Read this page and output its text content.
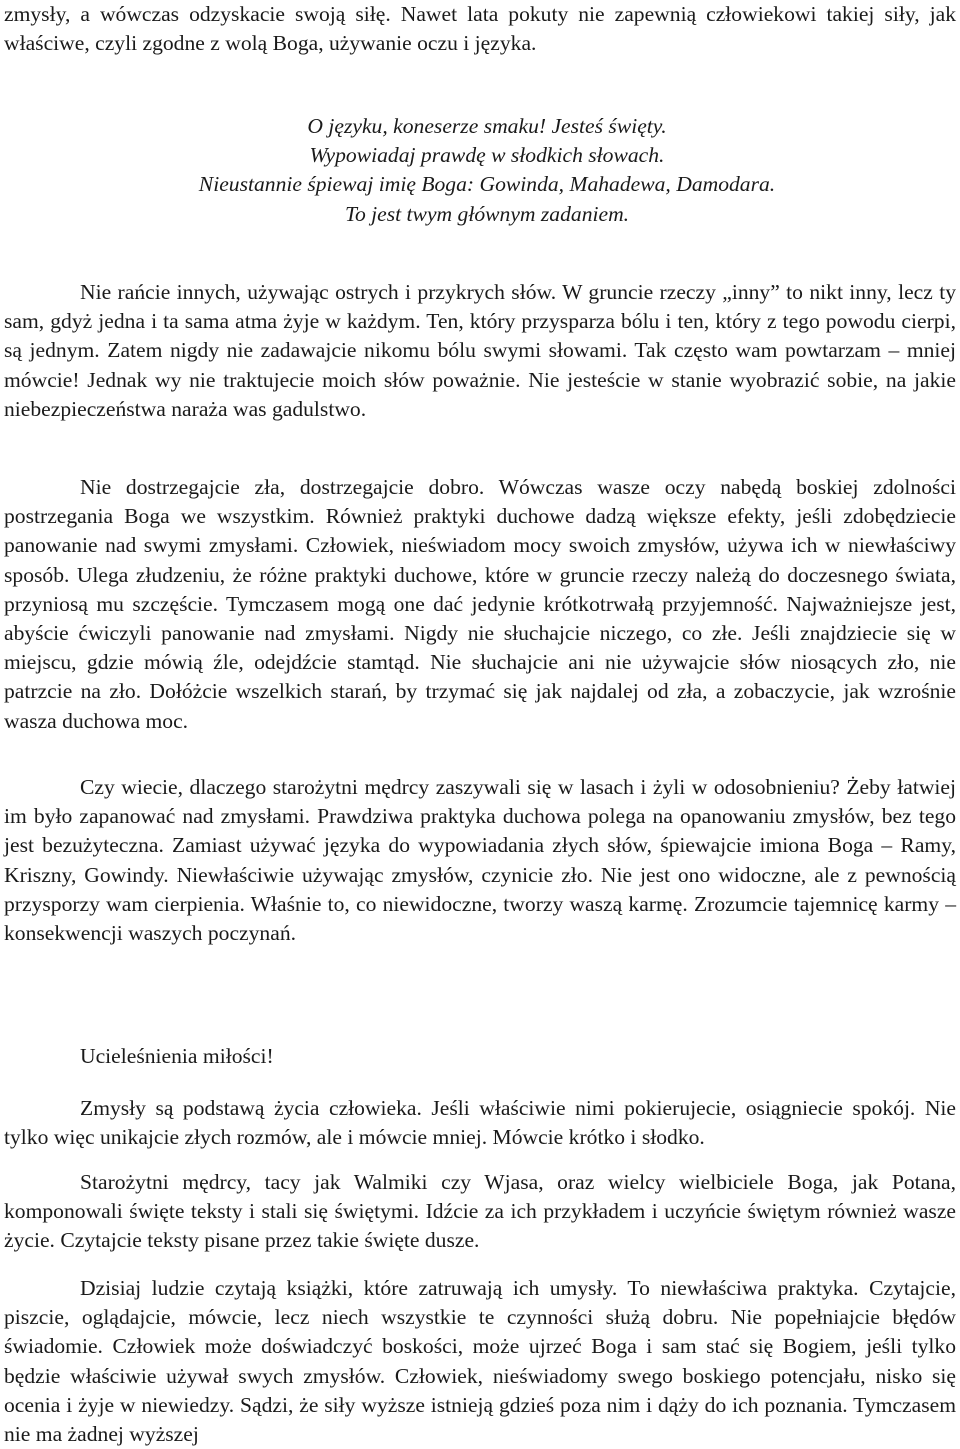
zmysły, a wówczas odzyskacie swoją siłę. Nawet lata pokuty nie zapewnią człowiekowi takiej siły, jak właściwe, czyli zgodne z wolą Boga, używanie oczu i języka.

O języku, koneserze smaku! Jesteś święty.
Wypowiadaj prawdę w słodkich słowach.
Nieustannie śpiewaj imię Boga: Gowinda, Mahadewa, Damodara.
To jest twym głównym zadaniem.

Nie rańcie innych, używając ostrych i przykrych słów. W gruncie rzeczy „inny” to nikt inny, lecz ty sam, gdyż jedna i ta sama atma żyje w każdym. Ten, który przysparza bólu i ten, który z tego powodu cierpi, są jednym. Zatem nigdy nie zadawajcie nikomu bólu swymi słowami. Tak często wam powtarzam – mniej mówcie! Jednak wy nie traktujecie moich słów poważnie. Nie jesteście w stanie wyobrazić sobie, na jakie niebezpieczeństwa naraża was gadulstwo.

Nie dostrzegajcie zła, dostrzegajcie dobro. Wówczas wasze oczy nabędą boskiej zdolności postrzegania Boga we wszystkim. Również praktyki duchowe dadzą większe efekty, jeśli zdobędziecie panowanie nad swymi zmysłami. Człowiek, nieświadom mocy swoich zmysłów, używa ich w niewłaściwy sposób. Ulega złudzeniu, że różne praktyki duchowe, które w gruncie rzeczy należą do doczesnego świata, przyniosą mu szczęście. Tymczasem mogą one dać jedynie krótkotrwałą przyjemność. Najważniejsze jest, abyście ćwiczyli panowanie nad zmysłami. Nigdy nie słuchajcie niczego, co złe. Jeśli znajdziecie się w miejscu, gdzie mówią źle, odejdźcie stamtąd. Nie słuchajcie ani nie używajcie słów niosących zło, nie patrzcie na zło. Dołóżcie wszelkich starań, by trzymać się jak najdalej od zła, a zobaczycie, jak wzrośnie wasza duchowa moc.

Czy wiecie, dlaczego starożytni mędrcy zaszywali się w lasach i żyli w odosobnieniu? Żeby łatwiej im było zapanować nad zmysłami. Prawdziwa praktyka duchowa polega na opanowaniu zmysłów, bez tego jest bezużyteczna. Zamiast używać języka do wypowiadania złych słów, śpiewajcie imiona Boga – Ramy, Kriszny, Gowindy. Niewłaściwie używając zmysłów, czynicie zło. Nie jest ono widoczne, ale z pewnością przysporzy wam cierpienia. Właśnie to, co niewidoczne, tworzy waszą karmę. Zrozumcie tajemnicę karmy – konsekwencji waszych poczynań.

Ucieleśnienia miłości!

Zmysły są podstawą życia człowieka. Jeśli właściwie nimi pokierujecie, osiągniecie spokój. Nie tylko więc unikajcie złych rozmów, ale i mówcie mniej. Mówcie krótko i słodko.

Starożytni mędrcy, tacy jak Walmiki czy Wjasa, oraz wielcy wielbiciele Boga, jak Potana, komponowali święte teksty i stali się świętymi. Idźcie za ich przykładem i uczyńcie świętym również wasze życie. Czytajcie teksty pisane przez takie święte dusze.

Dzisiaj ludzie czytają książki, które zatruwają ich umysły. To niewłaściwa praktyka. Czytajcie, piszcie, oglądajcie, mówcie, lecz niech wszystkie te czynności służą dobru. Nie popełniajcie błędów świadomie. Człowiek może doświadczyć boskości, może ujrzeć Boga i sam stać się Bogiem, jeśli tylko będzie właściwie używał swych zmysłów. Człowiek, nieświadomy swego boskiego potencjału, nisko się ocenia i żyje w niewiedzy. Sądzi, że siły wyższe istnieją gdzieś poza nim i dąży do ich poznania. Tymczasem nie ma żadnej wyższej
